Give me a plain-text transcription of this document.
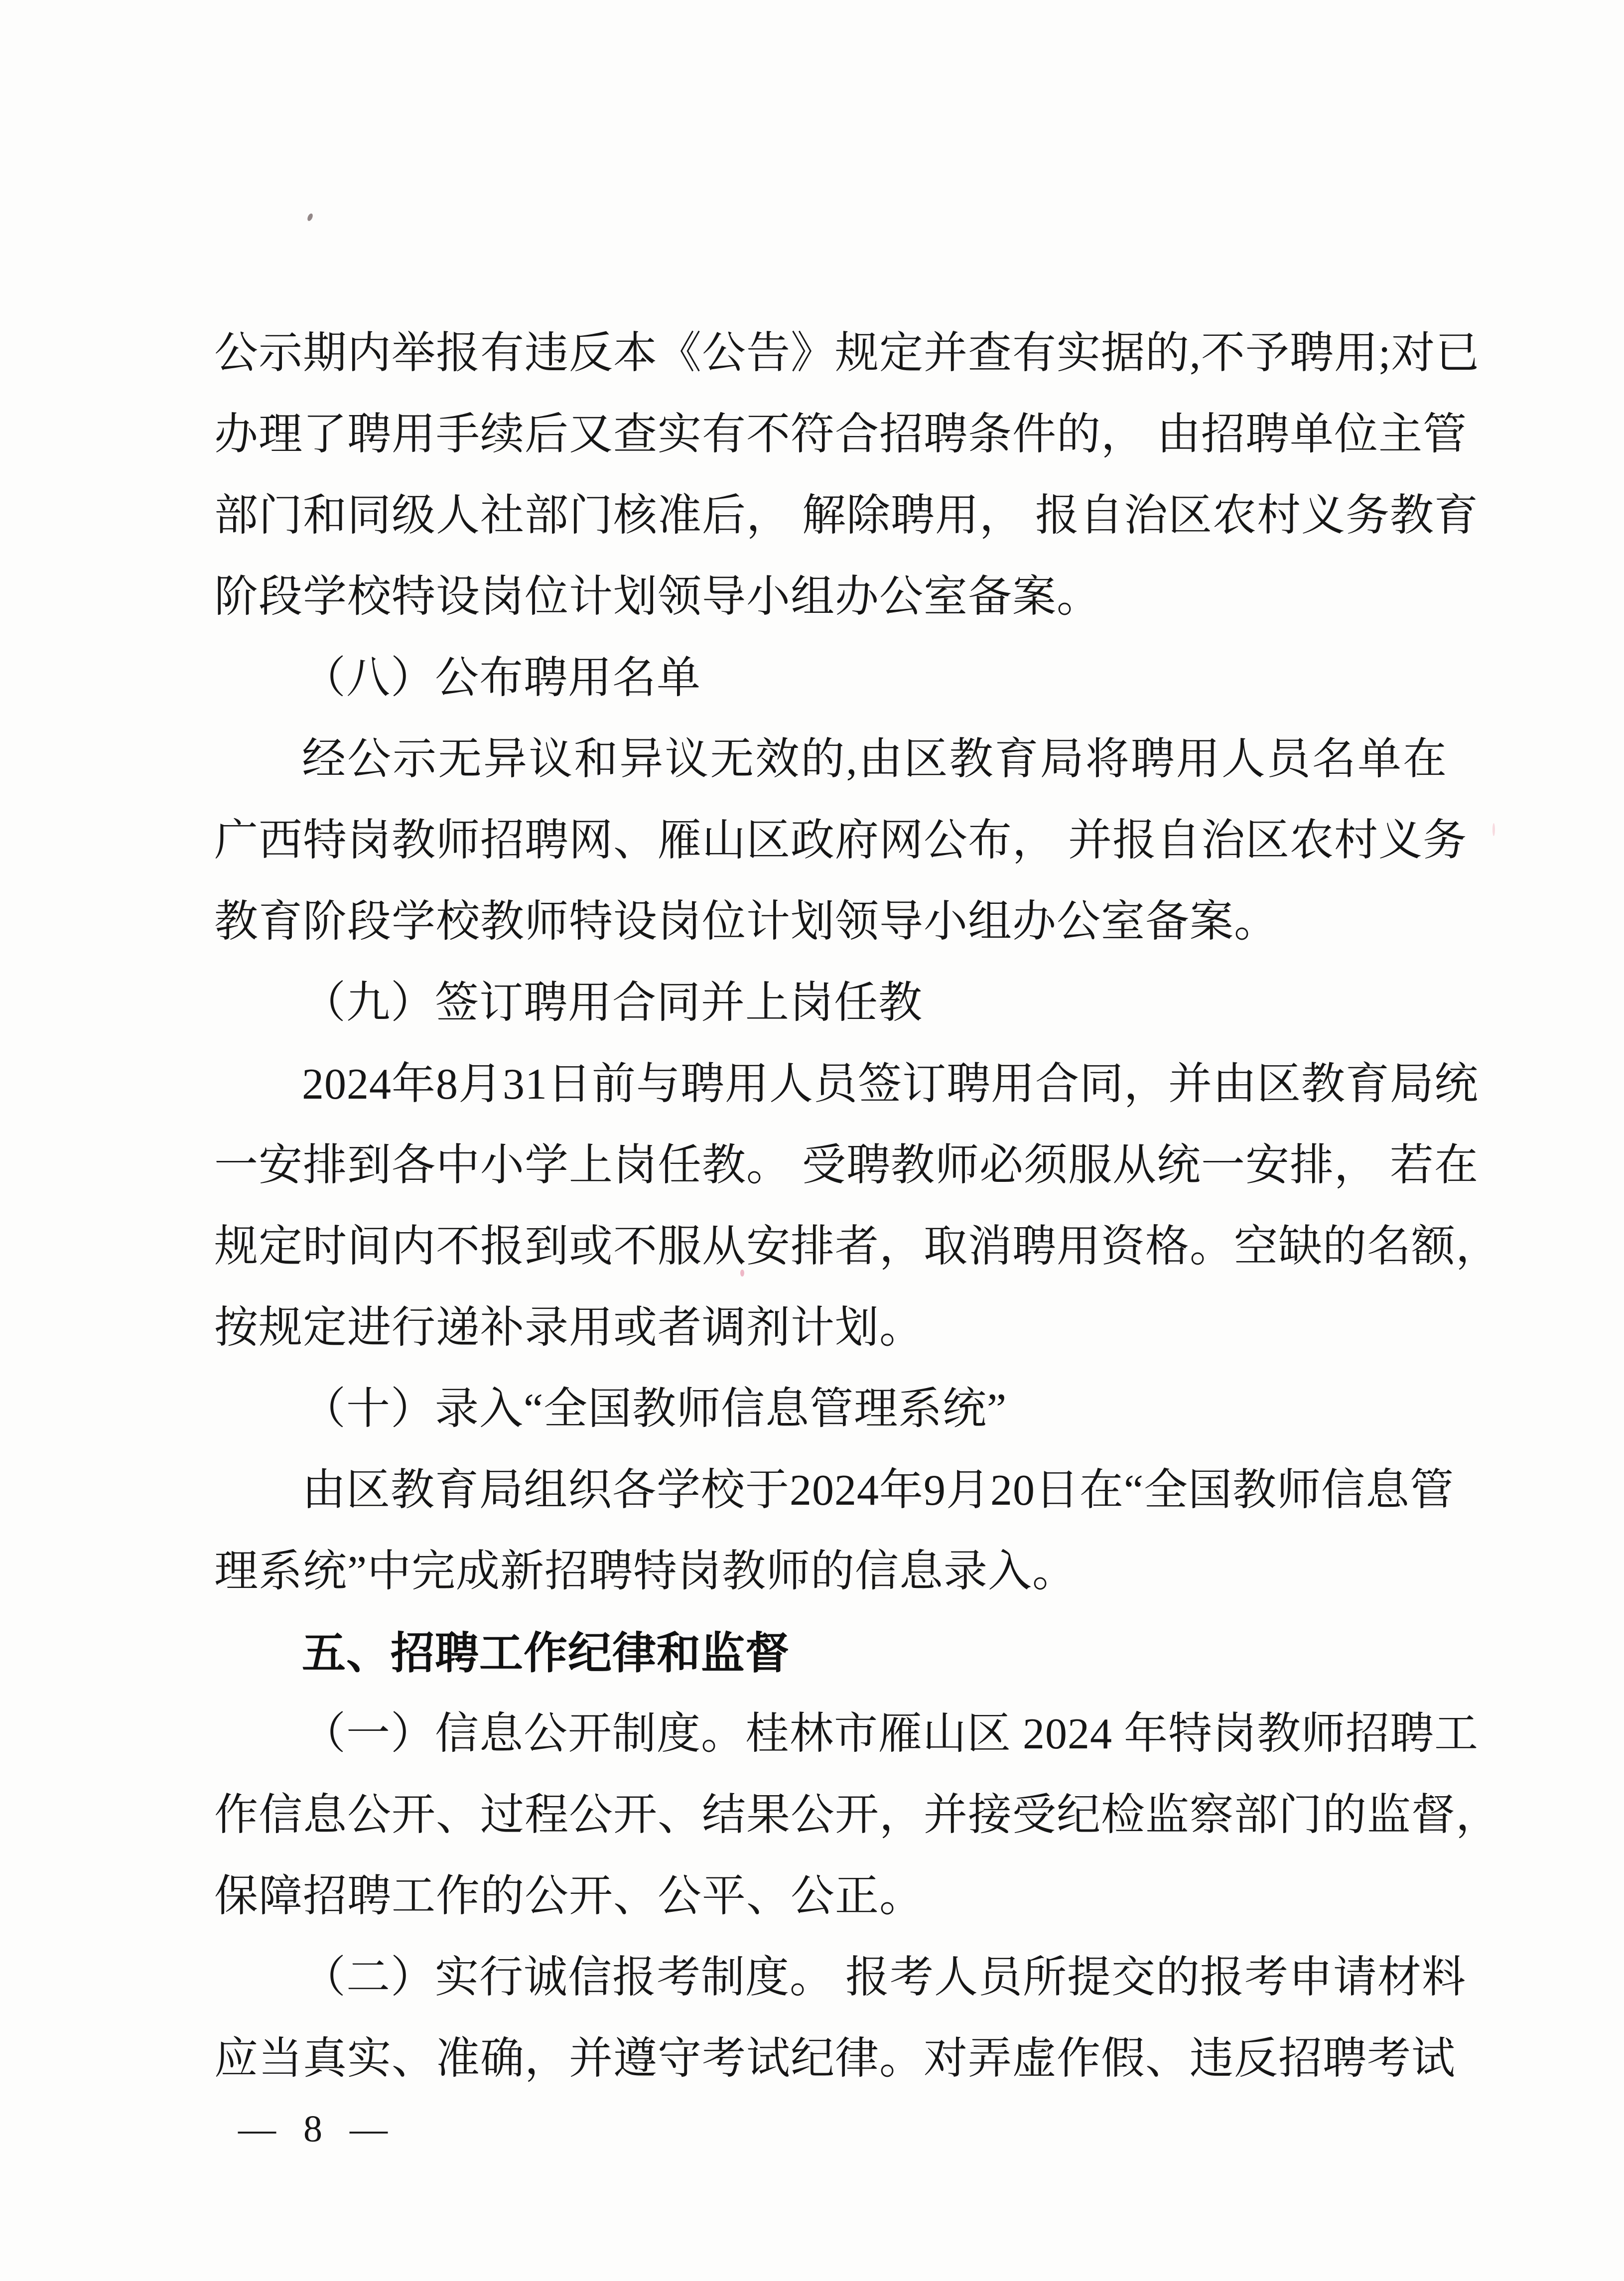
公示期内举报有违反本《公告》规定并查有实据的,不予聘用;对已
办理了聘用手续后又查实有不符合招聘条件的， 由招聘单位主管
部门和同级人社部门核准后， 解除聘用， 报自治区农村义务教育
阶段学校特设岗位计划领导小组办公室备案。
（八）公布聘用名单
经公示无异议和异议无效的,由区教育局将聘用人员名单在
广西特岗教师招聘网、雁山区政府网公布， 并报自治区农村义务
教育阶段学校教师特设岗位计划领导小组办公室备案。
（九）签订聘用合同并上岗任教
2024年8月31日前与聘用人员签订聘用合同，并由区教育局统
一安排到各中小学上岗任教。 受聘教师必须服从统一安排， 若在
规定时间内不报到或不服从安排者，取消聘用资格。空缺的名额，
按规定进行递补录用或者调剂计划。
（十）录入“全国教师信息管理系统”
由区教育局组织各学校于2024年9月20日在“全国教师信息管
理系统”中完成新招聘特岗教师的信息录入。
五、招聘工作纪律和监督
（一）信息公开制度。桂林市雁山区 2024 年特岗教师招聘工
作信息公开、过程公开、结果公开，并接受纪检监察部门的监督，
保障招聘工作的公开、公平、公正。
（二）实行诚信报考制度。 报考人员所提交的报考申请材料
应当真实、准确，并遵守考试纪律。对弄虚作假、违反招聘考试
— 8 —
